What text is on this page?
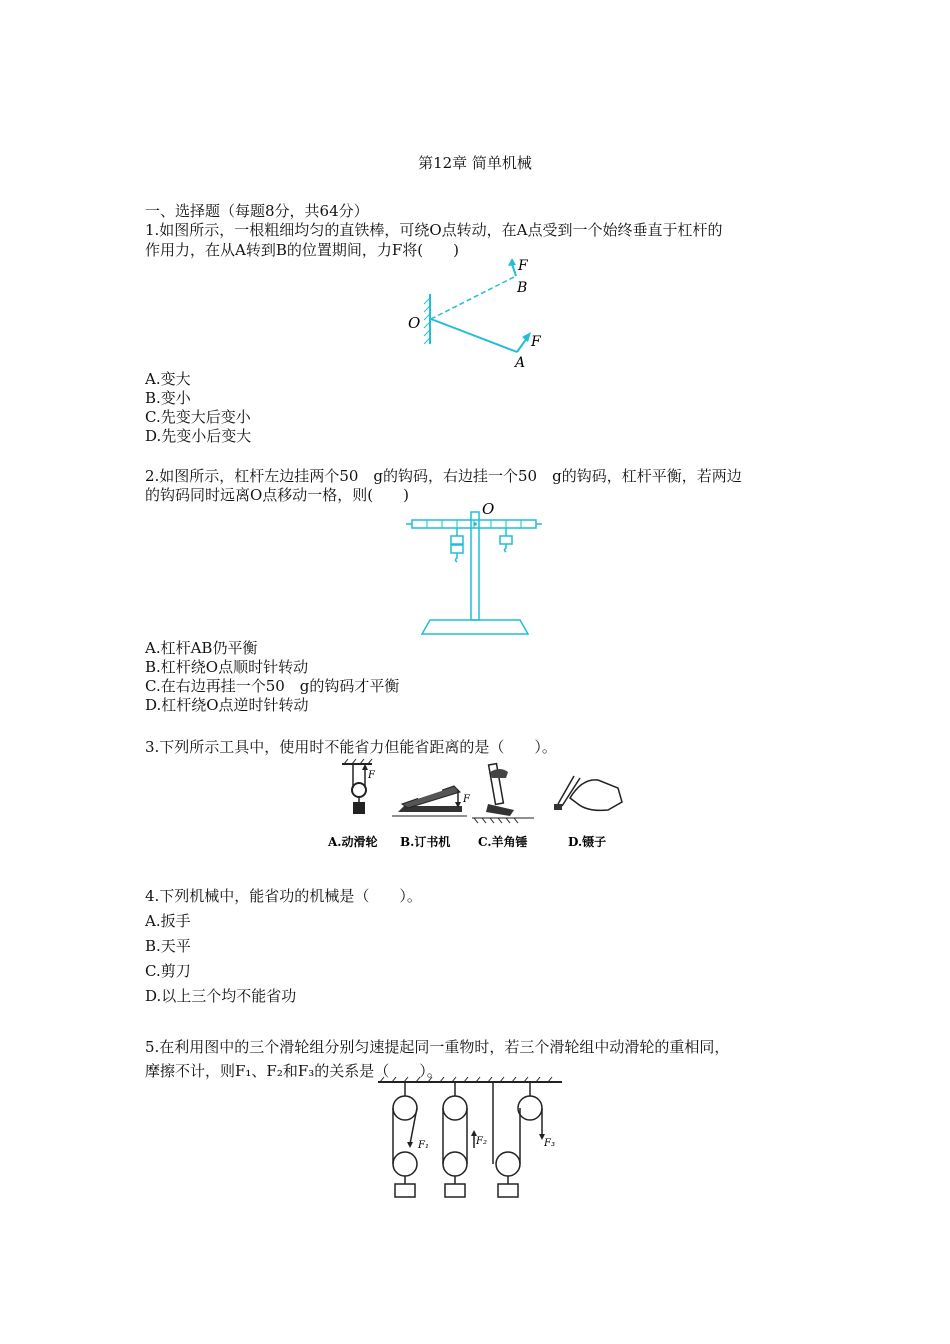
第12章 简单机械
一、选择题（每题8分，共64分）
1.如图所示，一根粗细均匀的直铁棒，可绕O点转动，在A点受到一个始终垂直于杠杆的
作用力，在从A转到B的位置期间，力F将(　　)
O
F
B
F
A
A.变大
B.变小
C.先变大后变小
D.先变小后变大
2.如图所示，杠杆左边挂两个50　g的钩码，右边挂一个50　g的钩码，杠杆平衡，若两边
的钩码同时远离O点移动一格，则(　　)
O
A.杠杆AB仍平衡
B.杠杆绕O点顺时针转动
C.在右边再挂一个50　g的钩码才平衡
D.杠杆绕O点逆时针转动
3.下列所示工具中，使用时不能省力但能省距离的是（　　）。
F
F
A.动滑轮 B.订书机 C.羊角锤	D.镊子
4.下列机械中，能省功的机械是（　　）。
A.扳手
B.天平
C.剪刀
D.以上三个均不能省功
5.在利用图中的三个滑轮组分别匀速提起同一重物时，若三个滑轮组中动滑轮的重相同，
摩擦不计，则F₁、F₂和F₃的关系是（　　）。
F₁	F₂	F₃
